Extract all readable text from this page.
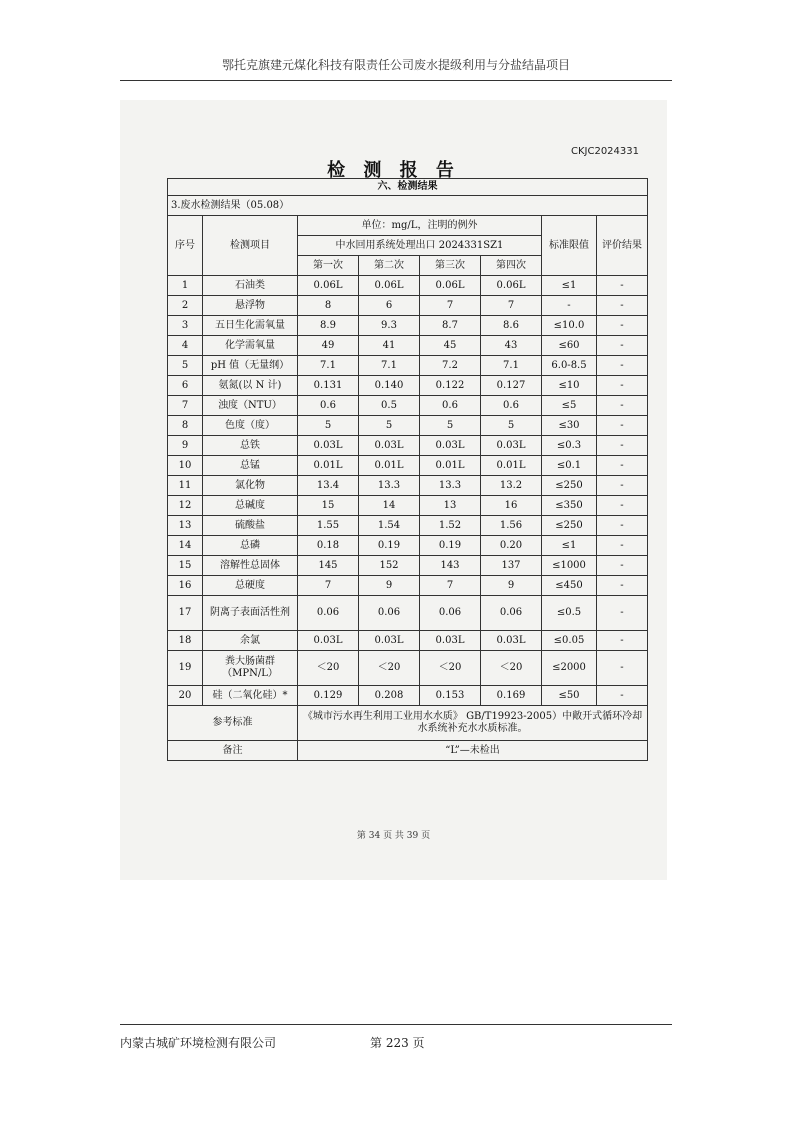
鄂托克旗建元煤化科技有限责任公司废水提级利用与分盐结晶项目
CKJC2024331
检 测 报 告
六、检测结果							
3.废水检测结果（05.08）							
序号	检测项目	单位：mg/L，注明的例外				标准限值	评价结果
		中水回用系统处理出口 2024331SZ1					
		第一次	第二次	第三次	第四次		
1	石油类	0.06L	0.06L	0.06L	0.06L	≤1	-
2	悬浮物	8	6	7	7	-	-
3	五日生化需氧量	8.9	9.3	8.7	8.6	≤10.0	-
4	化学需氧量	49	41	45	43	≤60	-
5	pH 值（无量纲）	7.1	7.1	7.2	7.1	6.0-8.5	-
6	氨氮(以 N 计)	0.131	0.140	0.122	0.127	≤10	-
7	浊度（NTU）	0.6	0.5	0.6	0.6	≤5	-
8	色度（度）	5	5	5	5	≤30	-
9	总铁	0.03L	0.03L	0.03L	0.03L	≤0.3	-
10	总锰	0.01L	0.01L	0.01L	0.01L	≤0.1	-
11	氯化物	13.4	13.3	13.3	13.2	≤250	-
12	总碱度	15	14	13	16	≤350	-
13	硫酸盐	1.55	1.54	1.52	1.56	≤250	-
14	总磷	0.18	0.19	0.19	0.20	≤1	-
15	溶解性总固体	145	152	143	137	≤1000	-
16	总硬度	7	9	7	9	≤450	-
17	阴离子表面活性剂	0.06	0.06	0.06	0.06	≤0.5	-
18	余氯	0.03L	0.03L	0.03L	0.03L	≤0.05	-
19	粪大肠菌群（MPN/L）	＜20	＜20	＜20	＜20	≤2000	-
20	硅（二氧化硅）*	0.129	0.208	0.153	0.169	≤50	-
参考标准		《城市污水再生利用工业用水水质》 GB/T19923-2005）中敞开式循环冷却水系统补充水水质标准。					
备注		“L”—未检出					
第 34 页 共 39 页
内蒙古城矿环境检测有限公司	第 223 页
